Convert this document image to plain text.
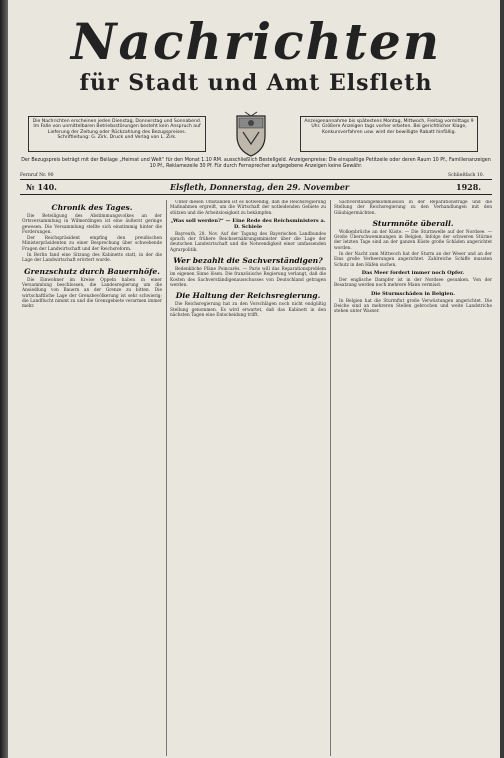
Nachrichten
für Stadt und Amt Elsfleth
Die Nachrichten erscheinen jeden Dienstag, Donnerstag und Sonnabend. Im Falle von unmittelbaren Betriebsstörungen besteht kein Anspruch auf Lieferung der Zeitung oder Rückzahlung des Bezugspreises. Schriftleitung: G. Zirk. Druck und Verlag von L. Zirk.
Anzeigenannahme bis spätestens Montag, Mittwoch, Freitag vormittags 9 Uhr. Größere Anzeigen tags vorher erbeten. Bei gerichtlicher Klage, Konkursverfahren usw. wird der bewilligte Rabatt hinfällig.
Der Bezugspreis beträgt mit der Beilage „Heimat und Welt“ für den Monat 1.10 RM. ausschließlich Bestellgeld. Anzeigenpreise: Die einspaltige Petitzeile oder deren Raum 10 Pf., Familienanzeigen 10 Pf., Reklamezeile 30 Pf. Für durch Fernsprecher aufgegebene Anzeigen keine Gewähr.
Fernruf Nr. 90	Schließfach 10.
№ 140.	Elsfleth, Donnerstag, den 29. November	1928.
Chronik des Tages.

Die Beteiligung des Abstimmungsvolkes an der Ortsversammlung in Wilmerdingen ist eine äußerst geringe gewesen. Die Versammlung stellte sich einstimmig hinter die Forderungen.

Der Reichspräsident empfing den preußischen Ministerpräsidenten zu einer Besprechung über schwebende Fragen der Landwirtschaft und der Reichsreform.

In Berlin fand eine Sitzung des Kabinetts statt, in der die Lage der Landwirtschaft erörtert wurde.

Grenzschutz durch Bauernhöfe.

Die Einwohner im Kreise Oppeln haben in einer Versammlung beschlossen, die Landesregierung um die Ansiedlung von Bauern an der Grenze zu bitten. Die wirtschaftliche Lage der Grenzbevölkerung ist sehr schwierig; die Landflucht nimmt zu und die Grenzgebiete verarmen immer mehr.

Unter diesen Umständen ist es notwendig, daß die Reichsregierung Maßnahmen ergreift, um die Wirtschaft der notleidenden Gebiete zu stützen und die Arbeitslosigkeit zu bekämpfen.

„Was soll werden?“ — Eine Rede des Reichsministers a. D. Schiele

Bayreuth, 28. Nov. Auf der Tagung des Bayerischen Landbundes sprach der frühere Reichsernährungsminister über die Lage der deutschen Landwirtschaft und die Notwendigkeit einer umfassenden Agrarpolitik.

Wer bezahlt die Sachverständigen?

Bedenkliche Pläne Poincarés. — Paris will das Reparationsproblem im eigenen Sinne lösen. Die französische Regierung verlangt, daß die Kosten des Sachverständigenausschusses von Deutschland getragen werden.

Die Haltung der Reichsregierung.

Die Reichsregierung hat zu den Vorschlägen noch nicht endgültig Stellung genommen. Es wird erwartet, daß das Kabinett in den nächsten Tagen eine Entscheidung trifft.

Sachverständigenkommission in der Reparationsfrage und die Stellung der Reichsregierung zu den Verhandlungen mit den Gläubigermächten.

Sturmnöte überall.

Wolkenbrüche an der Küste. — Die Sturmwelle auf der Nordsee. — Große Überschwemmungen in Belgien. Infolge der schweren Stürme der letzten Tage sind an der ganzen Küste große Schäden angerichtet worden.

In der Nacht zum Mittwoch hat der Sturm an der Weser und an der Ems große Verheerungen angerichtet. Zahlreiche Schiffe mussten Schutz in den Häfen suchen.

Das Meer fordert immer noch Opfer.

Der englische Dampfer ist in der Nordsee gesunken. Von der Besatzung werden noch mehrere Mann vermisst.

Die Sturmschäden in Belgien.

In Belgien hat die Sturmflut große Verwüstungen angerichtet. Die Deiche sind an mehreren Stellen gebrochen und weite Landstriche stehen unter Wasser.
